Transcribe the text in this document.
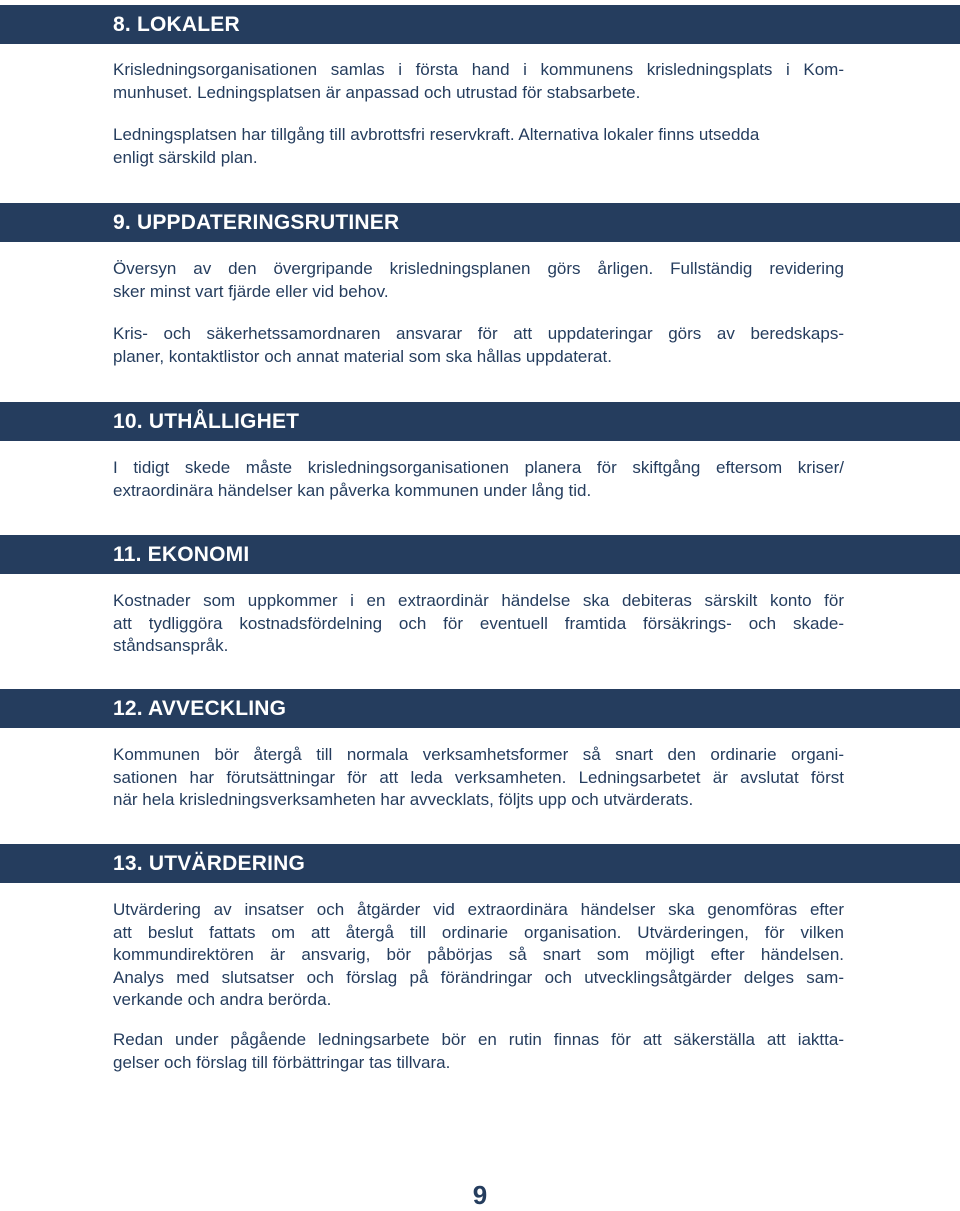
8. LOKALER

Krisledningsorganisationen samlas i första hand i kommunens krisledningsplats i Kom-
munhuset. Ledningsplatsen är anpassad och utrustad för stabsarbete.

Ledningsplatsen har tillgång till avbrottsfri reservkraft. Alternativa lokaler finns utsedda
enligt särskild plan.

9. UPPDATERINGSRUTINER

Översyn av den övergripande krisledningsplanen görs årligen. Fullständig revidering
sker minst vart fjärde eller vid behov.

Kris- och säkerhetssamordnaren ansvarar för att uppdateringar görs av beredskaps-
planer, kontaktlistor och annat material som ska hållas uppdaterat.

10. UTHÅLLIGHET

I tidigt skede måste krisledningsorganisationen planera för skiftgång eftersom kriser/
extraordinära händelser kan påverka kommunen under lång tid.

11. EKONOMI

Kostnader som uppkommer i en extraordinär händelse ska debiteras särskilt konto för
att tydliggöra kostnadsfördelning och för eventuell framtida försäkrings- och skade-
ståndsanspråk.

12. AVVECKLING

Kommunen bör återgå till normala verksamhetsformer så snart den ordinarie organi-
sationen har förutsättningar för att leda verksamheten. Ledningsarbetet är avslutat först
när hela krisledningsverksamheten har avvecklats, följts upp och utvärderats.

13. UTVÄRDERING

Utvärdering av insatser och åtgärder vid extraordinära händelser ska genomföras efter
att beslut fattats om att återgå till ordinarie organisation. Utvärderingen, för vilken
kommundirektören är ansvarig, bör påbörjas så snart som möjligt efter händelsen.
Analys med slutsatser och förslag på förändringar och utvecklingsåtgärder delges sam-
verkande och andra berörda.

Redan under pågående ledningsarbete bör en rutin finnas för att säkerställa att iaktta-
gelser och förslag till förbättringar tas tillvara.

9
